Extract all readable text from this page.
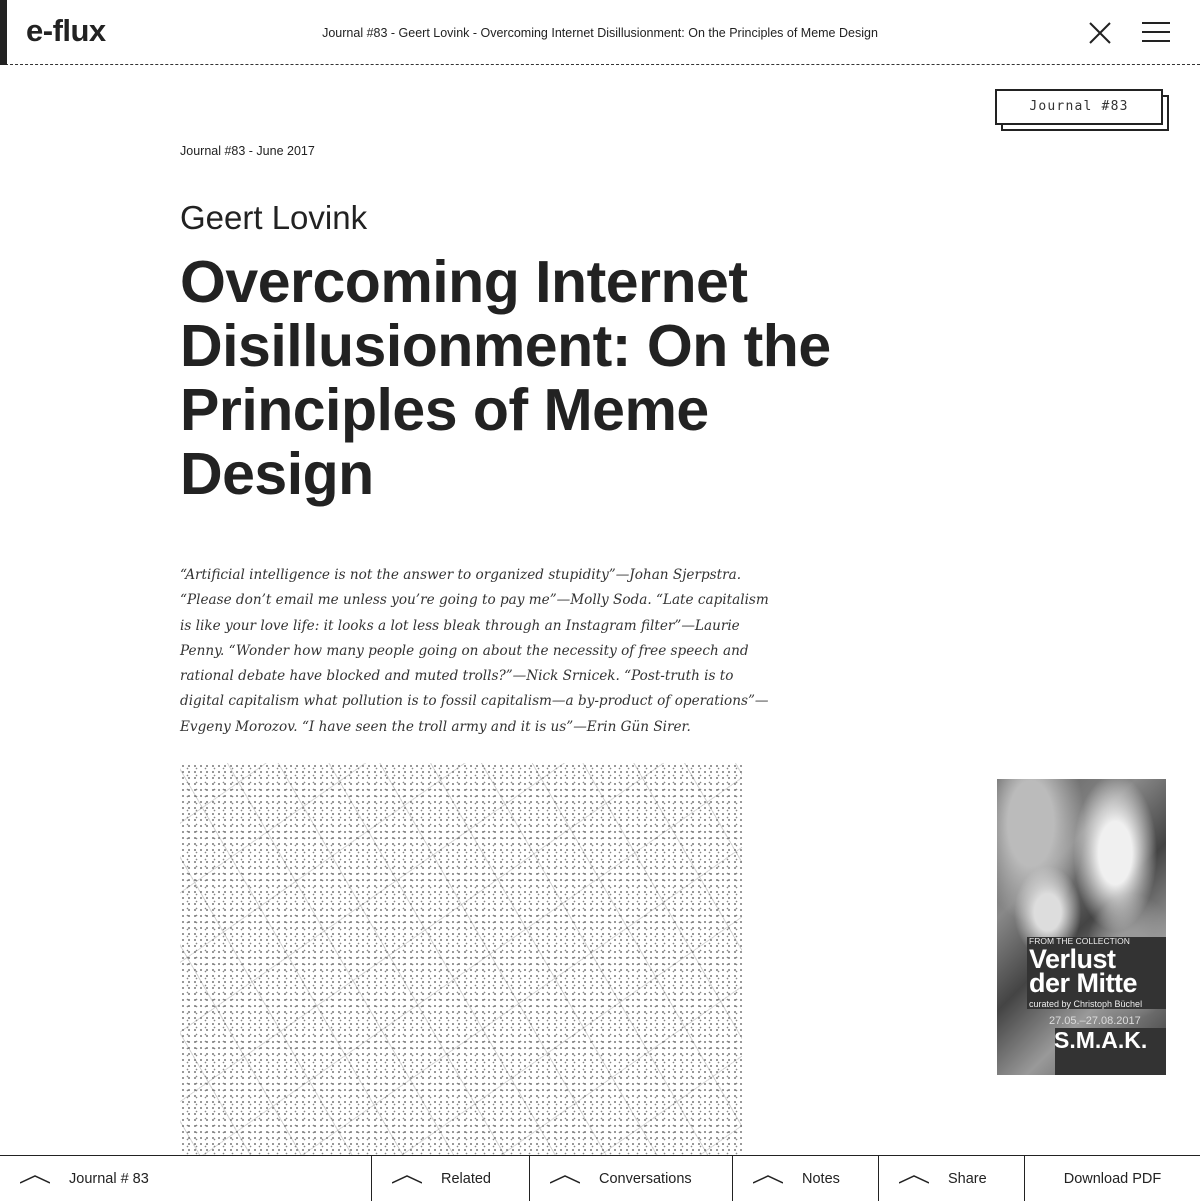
e-flux	Journal #83 - Geert Lovink - Overcoming Internet Disillusionment: On the Principles of Meme Design
Journal #83
Journal #83 - June 2017
Geert Lovink
Overcoming Internet Disillusionment: On the Principles of Meme Design
“Artificial intelligence is not the answer to organized stupidity”—Johan Sjerpstra. “Please don’t email me unless you’re going to pay me”—Molly Soda. “Late capitalism is like your love life: it looks a lot less bleak through an Instagram filter”—Laurie Penny. “Wonder how many people going on about the necessity of free speech and rational debate have blocked and muted trolls?”—Nick Srnicek. “Post-truth is to digital capitalism what pollution is to fossil capitalism—a by-product of operations”— Evgeny Morozov. “I have seen the troll army and it is us”—Erin Gün Sirer.
FROM THE COLLECTION
Verlust der Mitte
curated by Christoph Büchel
27.05.–27.08.2017
S.M.A.K.
Journal # 83	Related	Conversations	Notes	Share	Download PDF
